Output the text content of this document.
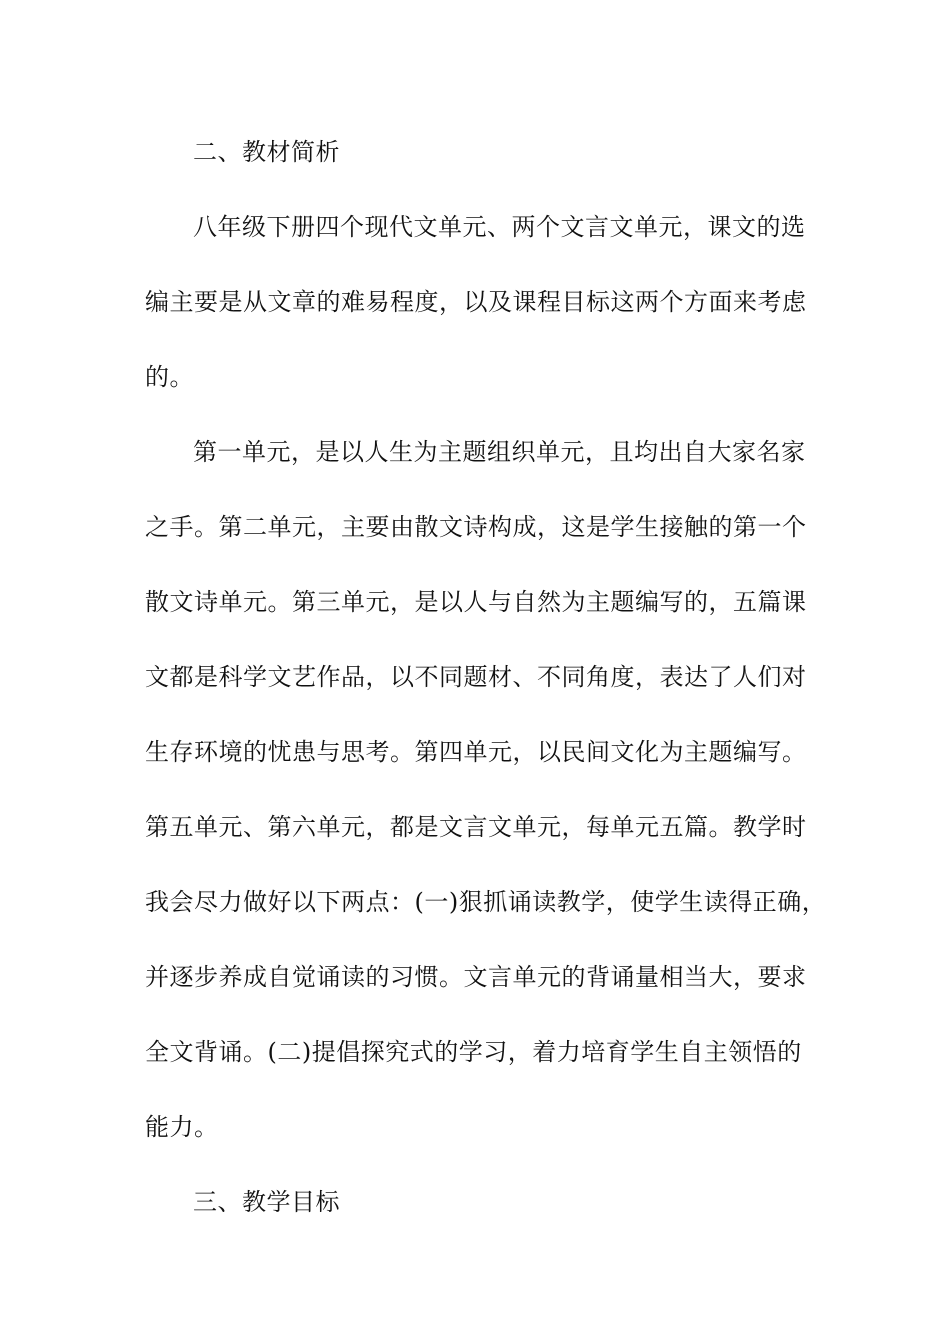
二、教材简析
八年级下册四个现代文单元、两个文言文单元，课文的选
编主要是从文章的难易程度，以及课程目标这两个方面来考虑
的。
第一单元，是以人生为主题组织单元，且均出自大家名家
之手。第二单元，主要由散文诗构成，这是学生接触的第一个
散文诗单元。第三单元，是以人与自然为主题编写的，五篇课
文都是科学文艺作品，以不同题材、不同角度，表达了人们对
生存环境的忧患与思考。第四单元，以民间文化为主题编写。
第五单元、第六单元，都是文言文单元，每单元五篇。教学时
我会尽力做好以下两点：(一)狠抓诵读教学，使学生读得正确，
并逐步养成自觉诵读的习惯。文言单元的背诵量相当大，要求
全文背诵。(二)提倡探究式的学习，着力培育学生自主领悟的
能力。
三、教学目标
